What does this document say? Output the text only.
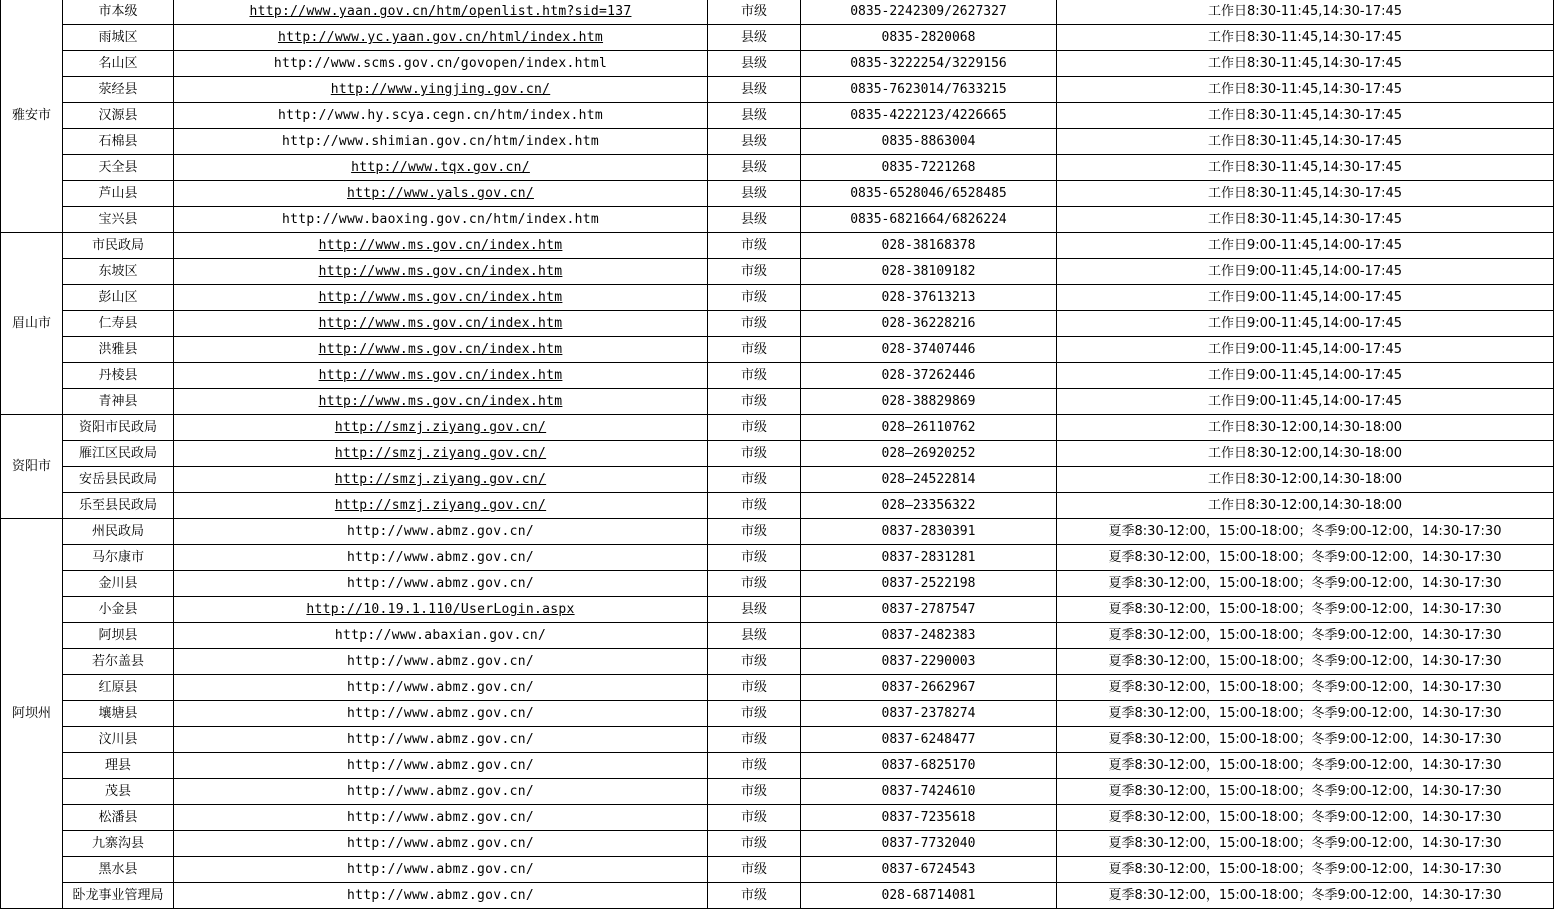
雅安市	市本级	http://www.yaan.gov.cn/htm/openlist.htm?sid=137	市级	0835-2242309/2627327	工作日8:30-11:45,14:30-17:45
	雨城区	http://www.yc.yaan.gov.cn/html/index.htm	县级	0835-2820068	工作日8:30-11:45,14:30-17:45
	名山区	http://www.scms.gov.cn/govopen/index.html	县级	0835-3222254/3229156	工作日8:30-11:45,14:30-17:45
	荥经县	http://www.yingjing.gov.cn/	县级	0835-7623014/7633215	工作日8:30-11:45,14:30-17:45
	汉源县	http://www.hy.scya.cegn.cn/htm/index.htm	县级	0835-4222123/4226665	工作日8:30-11:45,14:30-17:45
	石棉县	http://www.shimian.gov.cn/htm/index.htm	县级	0835-8863004	工作日8:30-11:45,14:30-17:45
	天全县	http://www.tqx.gov.cn/	县级	0835-7221268	工作日8:30-11:45,14:30-17:45
	芦山县	http://www.yals.gov.cn/	县级	0835-6528046/6528485	工作日8:30-11:45,14:30-17:45
	宝兴县	http://www.baoxing.gov.cn/htm/index.htm	县级	0835-6821664/6826224	工作日8:30-11:45,14:30-17:45
眉山市	市民政局	http://www.ms.gov.cn/index.htm	市级	028-38168378	工作日9:00-11:45,14:00-17:45
	东坡区	http://www.ms.gov.cn/index.htm	市级	028-38109182	工作日9:00-11:45,14:00-17:45
	彭山区	http://www.ms.gov.cn/index.htm	市级	028-37613213	工作日9:00-11:45,14:00-17:45
	仁寿县	http://www.ms.gov.cn/index.htm	市级	028-36228216	工作日9:00-11:45,14:00-17:45
	洪雅县	http://www.ms.gov.cn/index.htm	市级	028-37407446	工作日9:00-11:45,14:00-17:45
	丹棱县	http://www.ms.gov.cn/index.htm	市级	028-37262446	工作日9:00-11:45,14:00-17:45
	青神县	http://www.ms.gov.cn/index.htm	市级	028-38829869	工作日9:00-11:45,14:00-17:45
资阳市	资阳市民政局	http://smzj.ziyang.gov.cn/	市级	028—26110762	工作日8:30-12:00,14:30-18:00
	雁江区民政局	http://smzj.ziyang.gov.cn/	市级	028—26920252	工作日8:30-12:00,14:30-18:00
	安岳县民政局	http://smzj.ziyang.gov.cn/	市级	028—24522814	工作日8:30-12:00,14:30-18:00
	乐至县民政局	http://smzj.ziyang.gov.cn/	市级	028—23356322	工作日8:30-12:00,14:30-18:00
阿坝州	州民政局	http://www.abmz.gov.cn/	市级	0837-2830391	夏季8:30-12:00，15:00-18:00；冬季9:00-12:00，14:30-17:30
	马尔康市	http://www.abmz.gov.cn/	市级	0837-2831281	夏季8:30-12:00，15:00-18:00；冬季9:00-12:00，14:30-17:30
	金川县	http://www.abmz.gov.cn/	市级	0837-2522198	夏季8:30-12:00，15:00-18:00；冬季9:00-12:00，14:30-17:30
	小金县	http://10.19.1.110/UserLogin.aspx	县级	0837-2787547	夏季8:30-12:00，15:00-18:00；冬季9:00-12:00，14:30-17:30
	阿坝县	http://www.abaxian.gov.cn/	县级	0837-2482383	夏季8:30-12:00，15:00-18:00；冬季9:00-12:00，14:30-17:30
	若尔盖县	http://www.abmz.gov.cn/	市级	0837-2290003	夏季8:30-12:00，15:00-18:00；冬季9:00-12:00，14:30-17:30
	红原县	http://www.abmz.gov.cn/	市级	0837-2662967	夏季8:30-12:00，15:00-18:00；冬季9:00-12:00，14:30-17:30
	壤塘县	http://www.abmz.gov.cn/	市级	0837-2378274	夏季8:30-12:00，15:00-18:00；冬季9:00-12:00，14:30-17:30
	汶川县	http://www.abmz.gov.cn/	市级	0837-6248477	夏季8:30-12:00，15:00-18:00；冬季9:00-12:00，14:30-17:30
	理县	http://www.abmz.gov.cn/	市级	0837-6825170	夏季8:30-12:00，15:00-18:00；冬季9:00-12:00，14:30-17:30
	茂县	http://www.abmz.gov.cn/	市级	0837-7424610	夏季8:30-12:00，15:00-18:00；冬季9:00-12:00，14:30-17:30
	松潘县	http://www.abmz.gov.cn/	市级	0837-7235618	夏季8:30-12:00，15:00-18:00；冬季9:00-12:00，14:30-17:30
	九寨沟县	http://www.abmz.gov.cn/	市级	0837-7732040	夏季8:30-12:00，15:00-18:00；冬季9:00-12:00，14:30-17:30
	黑水县	http://www.abmz.gov.cn/	市级	0837-6724543	夏季8:30-12:00，15:00-18:00；冬季9:00-12:00，14:30-17:30
	卧龙事业管理局	http://www.abmz.gov.cn/	市级	028-68714081	夏季8:30-12:00，15:00-18:00；冬季9:00-12:00，14:30-17:30
